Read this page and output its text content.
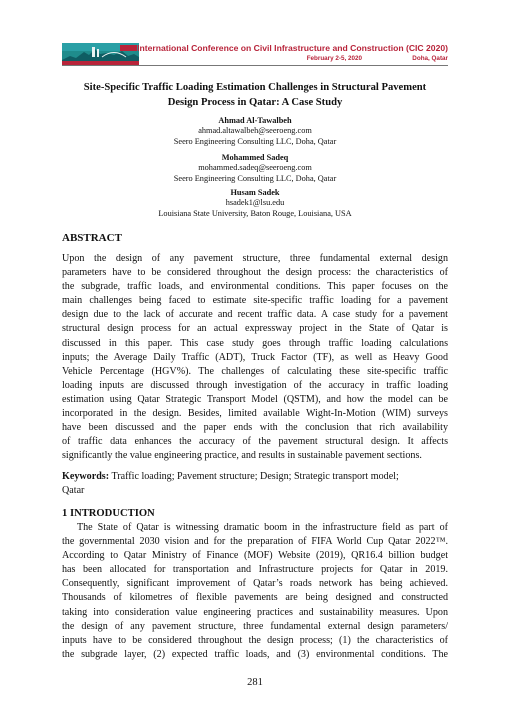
International Conference on Civil Infrastructure and Construction (CIC 2020)
February 2-5, 2020	Doha, Qatar
Site-Specific Traffic Loading Estimation Challenges in Structural Pavement
Design Process in Qatar: A Case Study
Ahmad Al-Tawalbeh
ahmad.altawalbeh@seeroeng.com
Seero Engineering Consulting LLC, Doha, Qatar
Mohammed Sadeq
mohammed.sadeq@seeroeng.com
Seero Engineering Consulting LLC, Doha, Qatar
Husam Sadek
hsadek1@lsu.edu
Louisiana State University, Baton Rouge, Louisiana, USA
ABSTRACT
Upon the design of any pavement structure, three fundamental external design
parameters have to be considered throughout the design process: the characteristics of
the subgrade, traffic loads, and environmental conditions. This paper focuses on the
main challenges being faced to estimate site-specific traffic loading for a pavement
design due to the lack of accurate and recent traffic data. A case study for a pavement
structural design process for an actual expressway project in the State of Qatar is
discussed in this paper. This case study goes through traffic loading calculations
inputs; the Average Daily Traffic (ADT), Truck Factor (TF), as well as Heavy Good
Vehicle Percentage (HGV%). The challenges of calculating these site-specific traffic
loading inputs are discussed through investigation of the accuracy in traffic loading
estimation using Qatar Strategic Transport Model (QSTM), and how the model can be
incorporated in the design. Besides, limited available Wight-In-Motion (WIM) surveys
have been discussed and the paper ends with the conclusion that rich availability
of traffic data enhances the accuracy of the pavement structural design. It affects
significantly the value engineering practice, and results in sustainable pavement sections.
Keywords: Traffic loading; Pavement structure; Design; Strategic transport model;
Qatar
1 INTRODUCTION
The State of Qatar is witnessing dramatic boom in the infrastructure field as part of
the governmental 2030 vision and for the preparation of FIFA World Cup Qatar 2022™.
According to Qatar Ministry of Finance (MOF) Website (2019), QR16.4 billion budget
has been allocated for transportation and Infrastructure projects for Qatar in 2019.
Consequently, significant improvement of Qatar’s roads network has being achieved.
Thousands of kilometres of flexible pavements are being designed and constructed
taking into consideration value engineering practices and sustainability measures. Upon
the design of any pavement structure, three fundamental external design parameters/
inputs have to be considered throughout the design process; (1) the characteristics of
the subgrade layer, (2) expected traffic loads, and (3) environmental conditions. The
281
